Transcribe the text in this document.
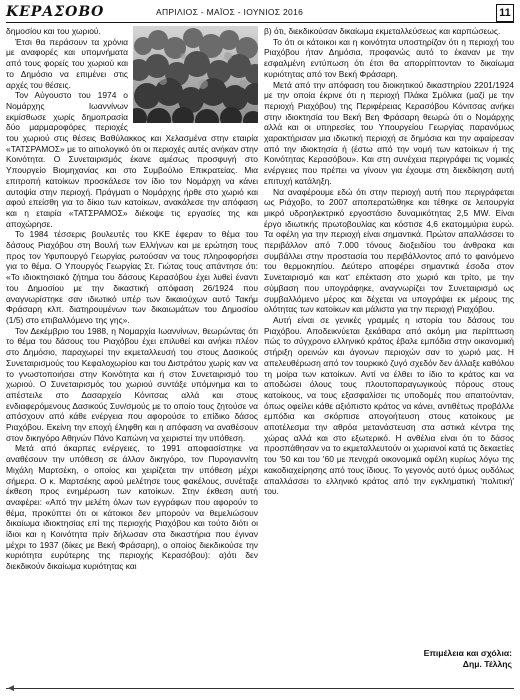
ΚΕΡΑΣΟΒΟ	ΑΠΡΙΛΙΟΣ - ΜΑΪΟΣ - ΙΟΥΝΙΟΣ 2016	11

δημοσίου και του χωριού.

Έτσι θα περάσουν τα χρόνια με αναφορές και υπομνήματα από τους φορείς του χωριού και το Δημόσιο να επιμένει στις αρχές του θέσεις.

Τον Αύγουστο του 1974 ο Νομάρχης Ιωαννίνων εκμίσθωσε χωρίς δημοπρασία δύο μαρμαροφόρες περιοχές του χωριού στις θέσεις Βαθύλακκος και Χελασμένα στην εταιρία «ΤΑΤΣΡΑΜΟΣ» με το αιτιολογικό ότι οι περιοχές αυτές ανήκαν στην Κοινότητα. Ο Συνεταιρισμός έκανε αμέσως προσφυγή στο Υπουργείο Βιομηχανίας και στο Συμβούλιο Επικρατείας. Μια επιτροπή κατοίκων προσκάλεσε τον ίδιο τον Νομάρχη να κάνει αυτοψία στην περιοχή. Πράγματι ο Νομάρχης ήρθε στο χωριό και αφού επείσθη για το δίκιο των κατοίκων, ανακάλεσε την απόφαση και η εταιρία «ΤΑΤΣΡΑΜΟΣ» διέκοψε τις εργασίες της και αποχώρησε.

Το 1984 τέσσερις βουλευτές του ΚΚΕ έφεραν το θέμα του δάσους Ριαχόβου στη Βουλή των Ελλήνων και με ερώτηση τους προς τον Υφυπουργό Γεωργίας ρωτούσαν να τους πληροφορήσει για το θέμα. Ο Υπουργός Γεωργίας Στ. Γιώτας τους απάντησε ότι: «Το ιδιοκτησιακό ζήτημα του δάσους Κερασόβου έχει λυθεί έναντι του Δημοσίου με την δικαστική απόφαση 26/1924 που αναγνωρίστηκε σαν ιδιωτικό υπέρ των δικαιούχων αυτό Τακήμ Φράσαρη κλπ. διατηρουμένων των δικαιωμάτων του Δημοσίου (1/5) στο επιβαλλόμενο της γης».

Τον Δεκέμβριο του 1988, η Νομαρχία Ιωαννίνων, θεωρώντας ότι το θέμα του δάσους του Ριαχόβου έχει επιλυθεί και ανήκει πλέον στο Δημόσιο, παραχωρεί την εκμεταλλευσή του στους Δασικούς Συνεταιρισμούς του Κεφαλοχωρίου και του Διστράτου χωρίς καν να το γνωστοποιήσει στην Κοινότητα και ή στον Συνεταιρισμό του χωριού. Ο Συνεταιρισμός του χωριού συντάξε υπόμνημα και το απέστειλε στο Δασαρχείο Κόνιτσας αλλά και στους ενδιαφερόμενους Δασικούς Συν/σμούς με το οποίο τους ζητούσε να απόσχουν από κάθε ενέργεια που αφορούσε το επίδικο δάσος Ριαχόβου. Εκείνη την εποχή έληφθη και η απόφαση να αναθέσουν στον δικηγόρο Αθηνών Πάνο Καπώνη να χειριστεί την υπόθεση.

Μετά από άκαρπες ενέργειες, το 1991 αποφασίστηκε να αναθέσουν την υπόθεση σε άλλον δικηγόρο, τον Πυρογιαννίτη Μιχάλη Μαρτσέκη, ο οποίος και χειρίζεται την υπόθεση μέχρι σήμερα. Ο κ. Μαρτσέκης αφού μελέτησε τους φακέλους, συνέταξε έκθεση προς ενημέρωση των κατοίκων. Στην έκθεση αυτή αναφέρει: «Από την μελέτη όλων των εγγράφων που αφορούν το θέμα, προκύπτει ότι οι κάτοικοι δεν μπορούν να θεμελιώσουν δικαίωμα ιδιοκτησίας επί της περιοχής Ριαχόβου και τούτο διότι οι ίδιοι και η Κοινότητα πρίν δήλωσαν στα δικαστήρια που έγιναν μέχρι το 1937 (δίκες με Βεκή Φράσαρη), ο οποίος διεκδικούσε την κυριότητα ευρύτερης της περιοχής Κερασόβου): α)ότι δεν διεκδικούν δικαίωμα κυριότητας και

β) ότι, διεκδικούσαν δικαίωμα εκμεταλλεύσεως και καρπώσεως.

Το ότι οι κάτοικοι και η κοινότητα υποστηρίζαν ότι η περιοχή του Ριαχόβου ήταν Δημόσια, προφανώς αυτό το έκαναν με την εσφαλμένη εντύπωση ότι έτσι θα απορρίπτονταν το δικαίωμα κυριότητας από τον Βεκή Φράσαρη.

Μετά από την απόφαση του διοικητικού δικαστηρίου 2201/1924 με την οποία έκρινε ότι η περιοχή Πλάκα Σμόλικα (μαζί με την περιοχή Ριαχόβου) της Περιφέρειας Κερασόβου Κόνιτσας ανήκει στην ιδιοκτησία του Βεκή Βεη Φράσαρη θεωρώ ότι ο Νομάρχης αλλά και οι υπηρεσίες του Υπουργείου Γεωργίας παρανόμως χαρακτήρισαν μια ιδιωτική περιοχή σε δημόσια και την αφαίρεσαν από την ιδιοκτησία ή (έστω από την νομή των κατοίκων ή της Κοινότητας Κερασόβου». Και στη συνέχεια περιγράφει τις νομικές ενέργειες που πρέπει να γίνουν για έχουμε στη διεκδίκηση αυτή επιτυχή κατάληξη.

Να αναφέρουμε εδώ ότι στην περιοχή αυτή που περιγράφεται ως Ριάχοβο, το 2007 αποπερατώθηκε και τέθηκε σε λειτουργία μικρό υδροηλεκτρικό εργοστάσιο δυναμικότητας 2,5 MW. Είναι έργο ιδιωτικής πρωτοβουλίας και κόστισε 4,6 εκατομμύρια ευρώ. Τα οφέλη για την περιοχή είναι σημαντικά. Πρώτον απαλλάσσει το περιβάλλον από 7.000 τόνους διοξειδίου του άνθρακα και συμβάλλει στην προστασία του περιβάλλοντος από το φαινόμενο του θερμοκηπίου. Δεύτερο αποφέρει σημαντικά έσοδα στον Συνεταιρισμό και κατ' επέκταση στο χωριό και τρίτο, με την σύμβαση που υπογράφηκε, αναγνωρίζει τον Συνεταιρισμό ως συμβαλλόμενο μέρος και δέχεται να υπογράψει εκ μέρους της ολότητας των κατοίκων και μάλιστα για την περιοχή Ριαχόβου.

Αυτή είναι σε γενικές γραμμές η ιστορία του δάσους του Ριαχόβου. Αποδεικνύεται ξεκάθαρα από ακόμη μια περίπτωση πώς το σύγχρονο ελληνικό κράτος έβαλε εμπόδια στην οικονομική στήριξη ορεινών και άγονων περιοχών σαν το χωριό μας. Η απελευθέρωση από τον τουρκικό ζυγό σχεδόν δεν άλλαξε καθόλου τη μοίρα των κατοίκων. Αντί να έλθει το ίδιο το κράτος και να αποδώσει όλους τους πλουτοπαραγωγικούς πόρους στους κατοίκους, να τους εξασφαλίσει τις υποδομές που απαιτούνταν, όπως οφείλει κάθε αξιόπιστο κράτος να κάνει, αντιθέτως προβάλλε εμπόδια και σκόρπισε απογοήτευση στους κατοίκους με αποτέλεσμα την αθρόα μετανάστευση στα αστικά κέντρα της χώρας αλλά και στο εξωτερικό. Η ανθέλια είναι ότι το δάσος προσπάθησαν να το εκμεταλλευτούν οι χωριανοί κατά τις δεκαετίες του '50 και του '60 με πενιχρά οικονομικά οφέλη κυρίως λόγω της κακοδιαχείρησης από τους ίδιους. Το γεγονός αυτό όμως ουδόλως απαλλάσσει το ελληνικό κράτος από την εγκληματική 'πολιτική' του.

Επιμέλεια και σχόλια:
Δημ. Τέλλης
◄
